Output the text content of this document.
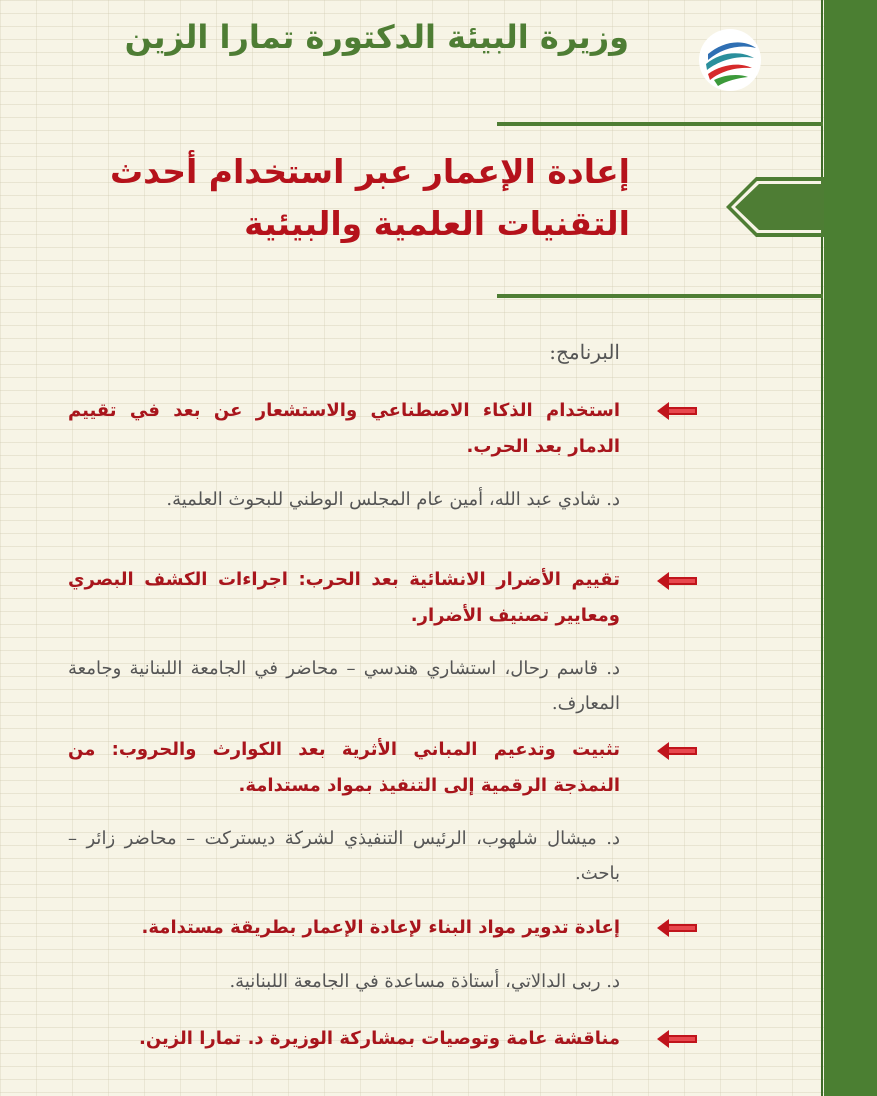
وزيرة البيئة الدكتورة تمارا الزين
إعادة الإعمار عبر استخدام أحدث التقنيات العلمية والبيئية
البرنامج:

استخدام الذكاء الاصطناعي والاستشعار عن بعد في تقييم الدمار بعد الحرب.

د. شادي عبد الله، أمين عام المجلس الوطني للبحوث العلمية.

تقييم الأضرار الانشائية بعد الحرب: اجراءات الكشف البصري ومعايير تصنيف الأضرار.

د. قاسم رحال، استشاري هندسي – محاضر في الجامعة اللبنانية وجامعة المعارف.

تثبيت وتدعيم المباني الأثرية بعد الكوارث والحروب: من النمذجة الرقمية إلى التنفيذ بمواد مستدامة.

د. ميشال شلهوب، الرئيس التنفيذي لشركة ديستركت – محاضر زائر – باحث.

إعادة تدوير مواد البناء لإعادة الإعمار بطريقة مستدامة.

د. ربى الدالاتي، أستاذة مساعدة في الجامعة اللبنانية.

مناقشة عامة وتوصيات بمشاركة الوزيرة د. تمارا الزين.
